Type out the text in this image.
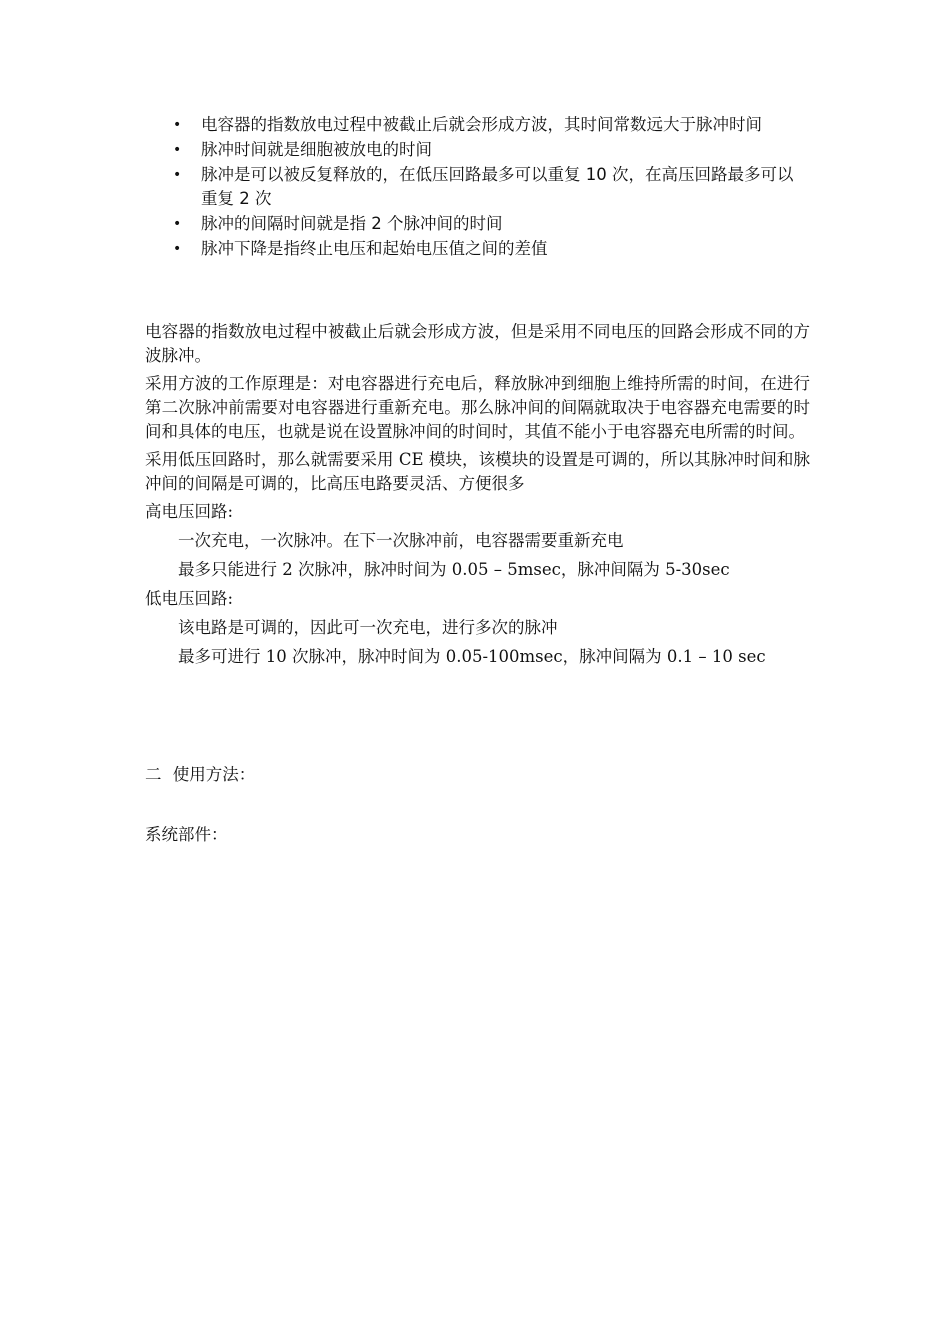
• 电容器的指数放电过程中被截止后就会形成方波，其时间常数远大于脉冲时间
• 脉冲时间就是细胞被放电的时间
• 脉冲是可以被反复释放的，在低压回路最多可以重复 10 次，在高压回路最多可以重复 2 次
• 脉冲的间隔时间就是指 2 个脉冲间的时间
• 脉冲下降是指终止电压和起始电压值之间的差值

电容器的指数放电过程中被截止后就会形成方波，但是采用不同电压的回路会形成不同的方波脉冲。

采用方波的工作原理是：对电容器进行充电后，释放脉冲到细胞上维持所需的时间，在进行第二次脉冲前需要对电容器进行重新充电。那么脉冲间的间隔就取决于电容器充电需要的时间和具体的电压，也就是说在设置脉冲间的时间时，其值不能小于电容器充电所需的时间。

采用低压回路时，那么就需要采用 CE 模块，该模块的设置是可调的，所以其脉冲时间和脉冲间的间隔是可调的，比高压电路要灵活、方便很多

高电压回路:

一次充电，一次脉冲。在下一次脉冲前，电容器需要重新充电

最多只能进行 2 次脉冲，脉冲时间为 0.05 – 5msec，脉冲间隔为 5-30sec

低电压回路:

该电路是可调的，因此可一次充电，进行多次的脉冲

最多可进行 10 次脉冲，脉冲时间为 0.05-100msec，脉冲间隔为 0.1 – 10 sec

二 使用方法：

系统部件：
